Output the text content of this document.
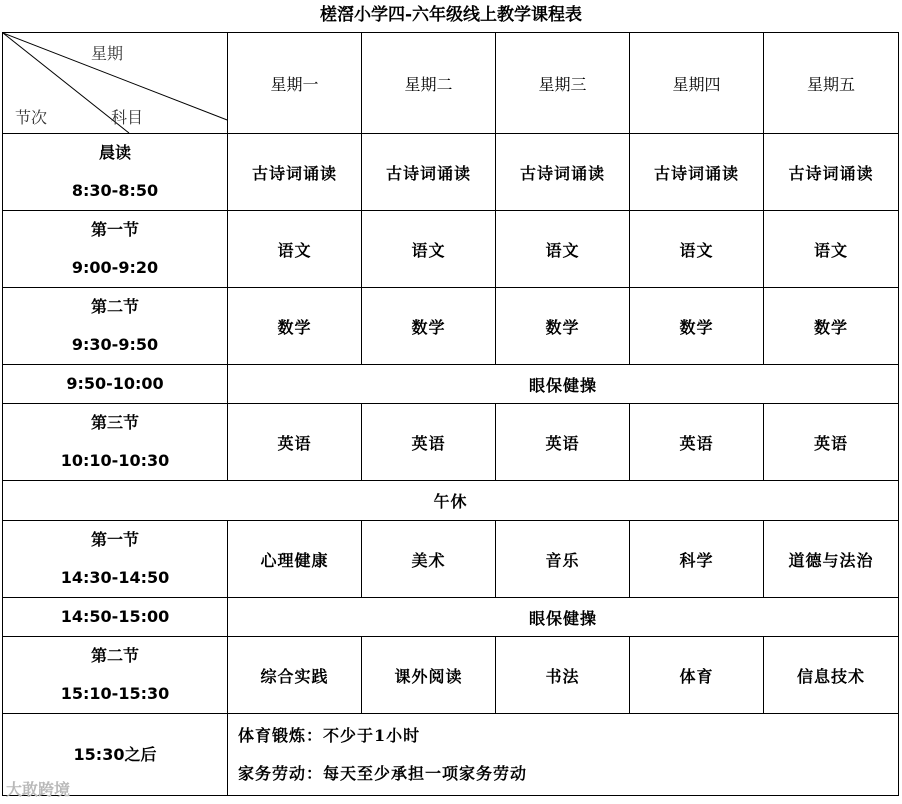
槎滘小学四-六年级线上教学课程表
星期
节次 科目	星期一	星期二	星期三	星期四	星期五

晨读
8:30-8:50	古诗词诵读	古诗词诵读	古诗词诵读	古诗词诵读	古诗词诵读

第一节
9:00-9:20	语文	语文	语文	语文	语文

第二节
9:30-9:50	数学	数学	数学	数学	数学
9:50-10:00	眼保健操				

第三节
10:10-10:30	英语	英语	英语	英语	英语
午休					

第一节
14:30-14:50	心理健康	美术	音乐	科学	道德与法治
14:50-15:00	眼保健操				

第二节
15:10-15:30	综合实践	课外阅读	书法	体育	信息技术
15:30之后	体育锻炼：不少于1小时
家务劳动：每天至少承担一项家务劳动				
大敢跨境
